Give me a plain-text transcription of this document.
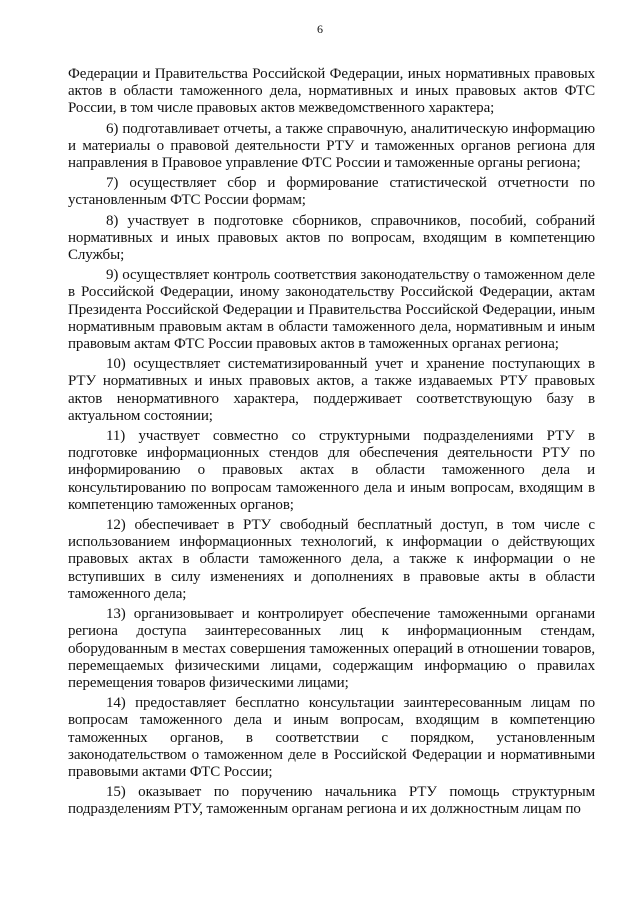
6

Федерации и Правительства Российской Федерации, иных нормативных правовых актов в области таможенного дела, нормативных и иных правовых актов ФТС России, в том числе правовых актов межведомственного характера;

6) подготавливает отчеты, а также справочную, аналитическую информацию и материалы о правовой деятельности РТУ и таможенных органов региона для направления в Правовое управление ФТС России и таможенные органы региона;

7) осуществляет сбор и формирование статистической отчетности по установленным ФТС России формам;

8) участвует в подготовке сборников, справочников, пособий, собраний нормативных и иных правовых актов по вопросам, входящим в компетенцию Службы;

9) осуществляет контроль соответствия законодательству о таможенном деле в Российской Федерации, иному законодательству Российской Федерации, актам Президента Российской Федерации и Правительства Российской Федерации, иным нормативным правовым актам в области таможенного дела, нормативным и иным правовым актам ФТС России правовых актов в таможенных органах региона;

10) осуществляет систематизированный учет и хранение поступающих в РТУ нормативных и иных правовых актов, а также издаваемых РТУ правовых актов ненормативного характера, поддерживает соответствующую базу в актуальном состоянии;

11) участвует совместно со структурными подразделениями РТУ в подготовке информационных стендов для обеспечения деятельности РТУ по информированию о правовых актах в области таможенного дела и консультированию по вопросам таможенного дела и иным вопросам, входящим в компетенцию таможенных органов;

12) обеспечивает в РТУ свободный бесплатный доступ, в том числе с использованием информационных технологий, к информации о действующих правовых актах в области таможенного дела, а также к информации о не вступивших в силу изменениях и дополнениях в правовые акты в области таможенного дела;

13) организовывает и контролирует обеспечение таможенными органами региона доступа заинтересованных лиц к информационным стендам, оборудованным в местах совершения таможенных операций в отношении товаров, перемещаемых физическими лицами, содержащим информацию о правилах перемещения товаров физическими лицами;

14) предоставляет бесплатно консультации заинтересованным лицам по вопросам таможенного дела и иным вопросам, входящим в компетенцию таможенных органов, в соответствии с порядком, установленным законодательством о таможенном деле в Российской Федерации и нормативными правовыми актами ФТС России;

15) оказывает по поручению начальника РТУ помощь структурным подразделениям РТУ, таможенным органам региона и их должностным лицам по
